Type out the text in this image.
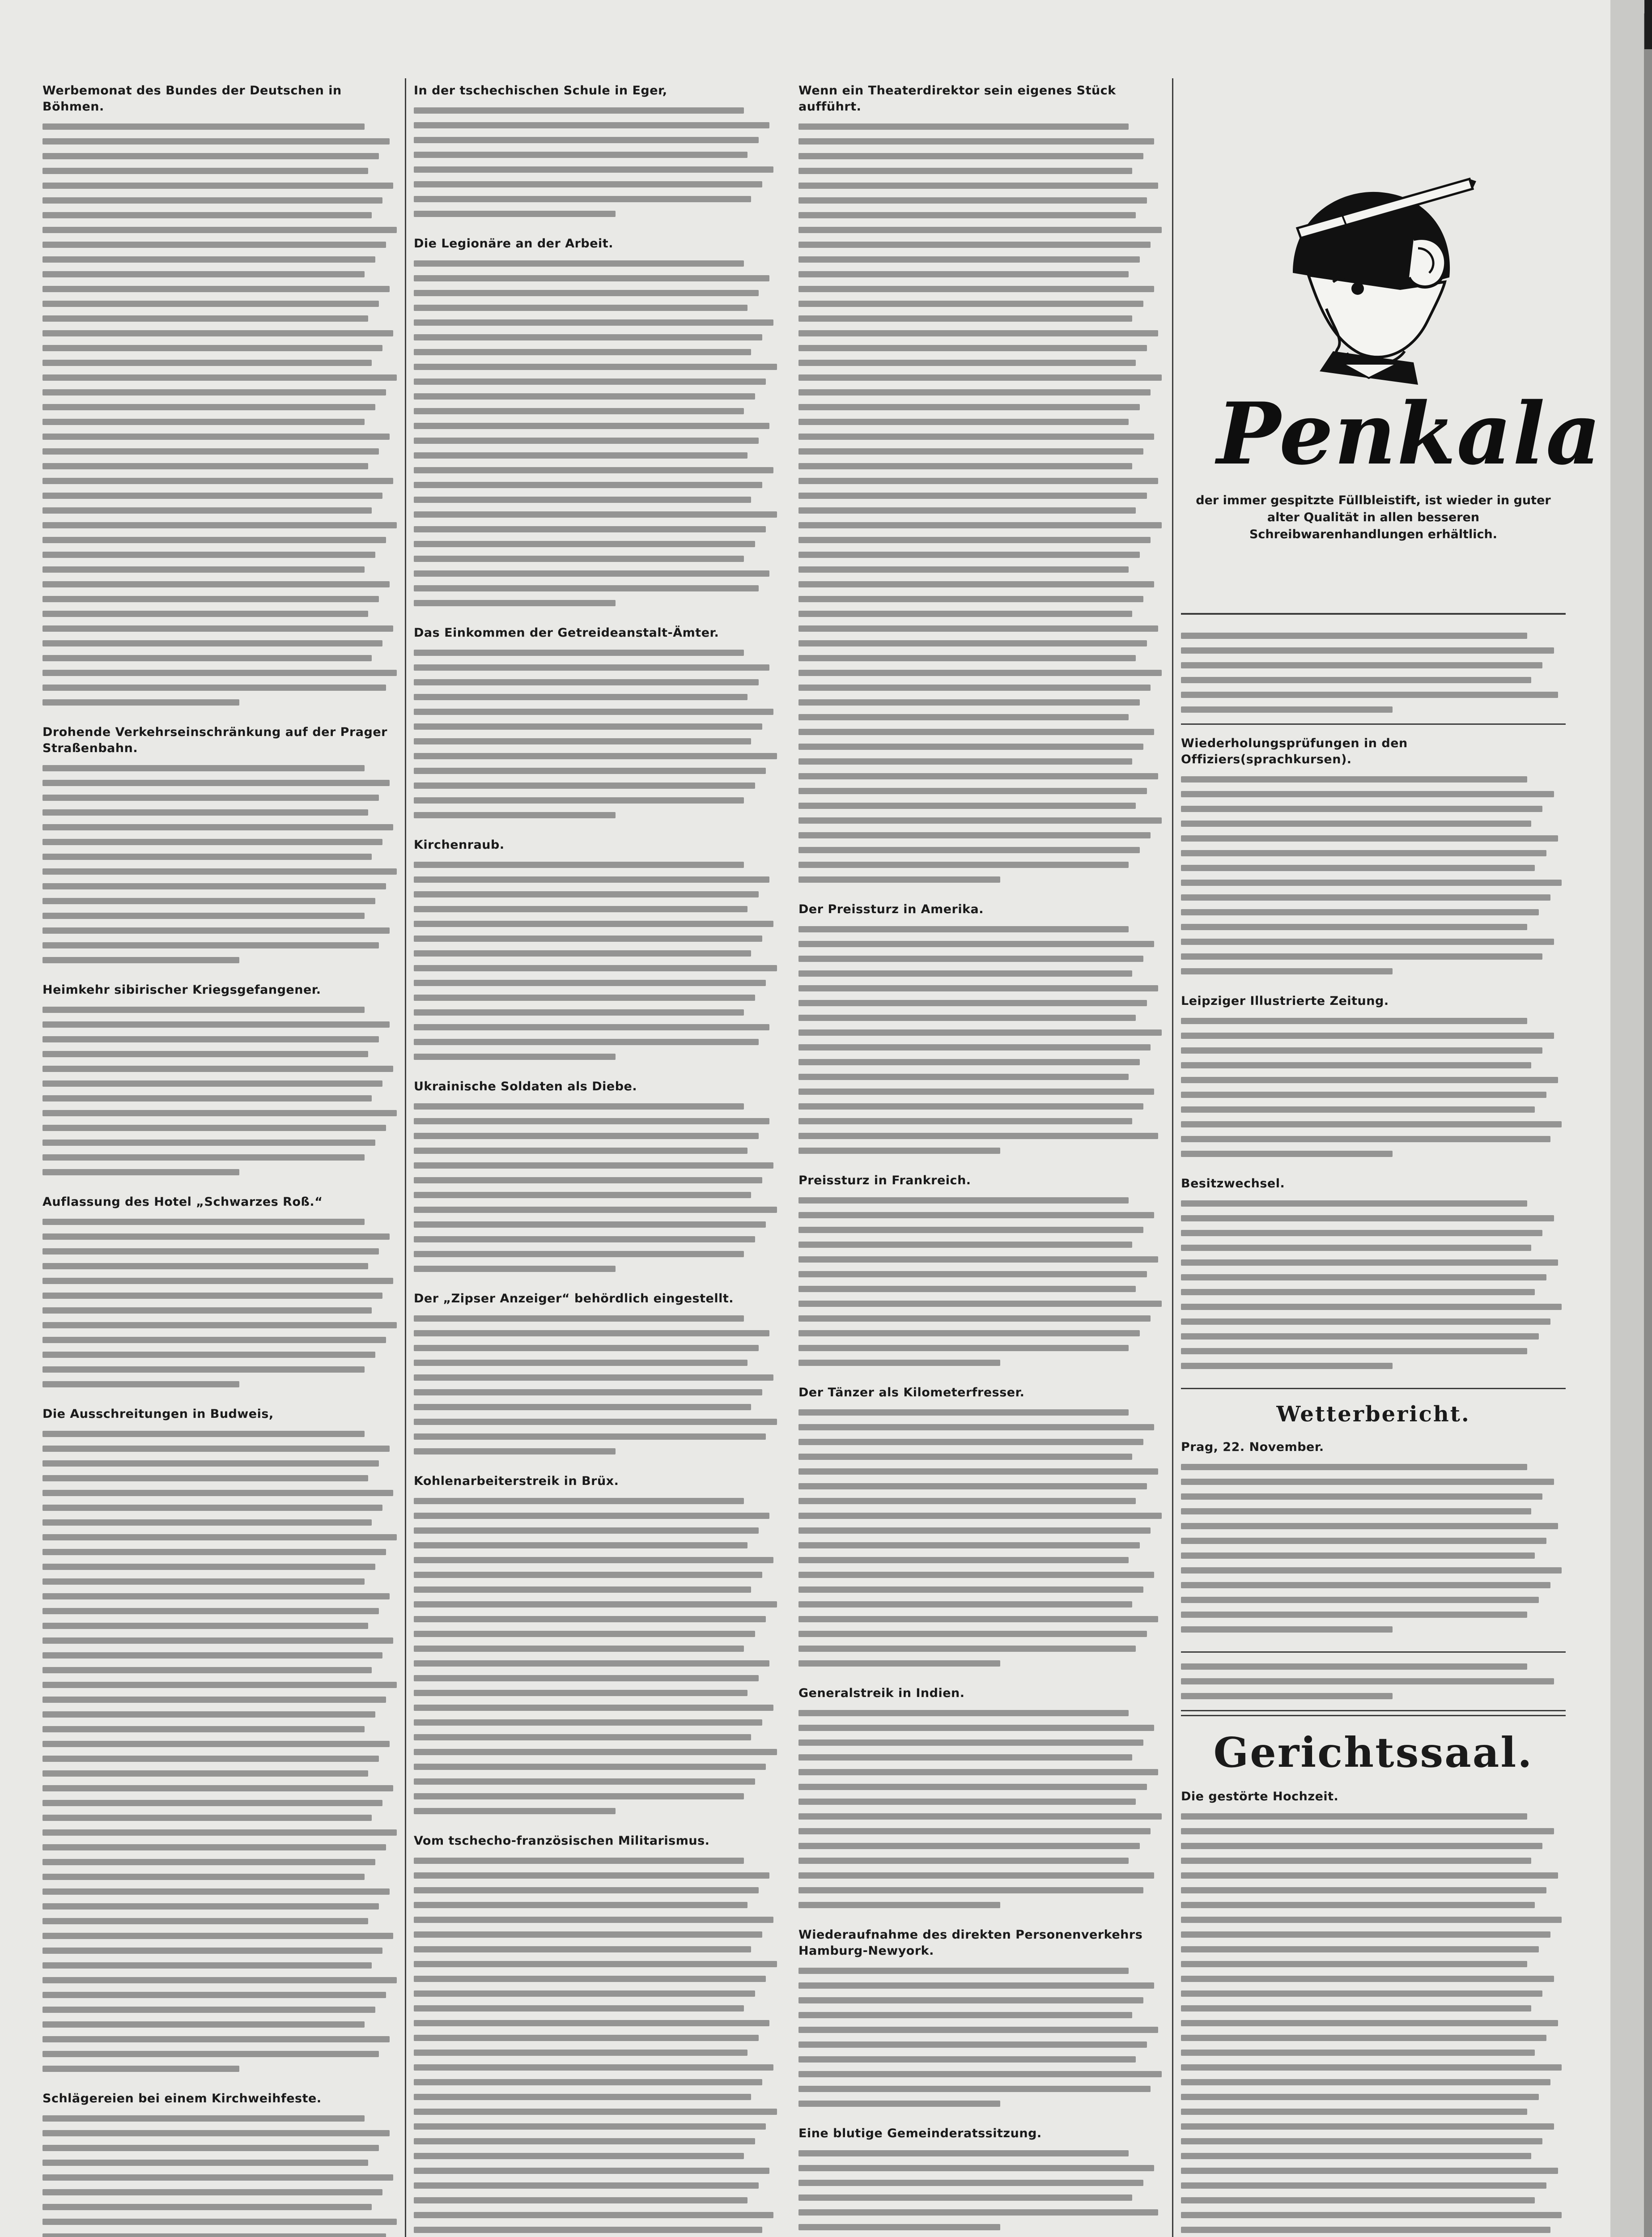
Werbemonat des Bundes der Deutschen in Böhmen.
Drohende Verkehrseinschränkung auf der Prager Straßenbahn.
Heimkehr sibirischer Kriegsgefangener.
Auflassung des Hotel „Schwarzes Roß.“
Die Ausschreitungen in Budweis,
Schlägereien bei einem Kirchweihfeste.
In der tschechischen Schule in Eger,
Die Legionäre an der Arbeit.
Das Einkommen der Getreideanstalt-Ämter.
Kirchenraub.
Ukrainische Soldaten als Diebe.
Der „Zipser Anzeiger“ behördlich eingestellt.
Kohlenarbeiterstreik in Brüx.
Vom tschecho-französischen Militarismus.
Wenn ein Theaterdirektor sein eigenes Stück aufführt.
Der Preissturz in Amerika.
Preissturz in Frankreich.
Der Tänzer als Kilometerfresser.
Generalstreik in Indien.
Wiederaufnahme des direkten Personenverkehrs Hamburg-Newyork.
Eine blutige Gemeinderatssitzung.
Penkala
der immer gespitzte Füllbleistift, ist wieder in guter alter Qualität in allen besseren Schreibwarenhandlungen erhältlich.
Wiederholungsprüfungen in den Offiziers(sprachkursen).
Leipziger Illustrierte Zeitung.
Besitzwechsel.
Wetterbericht.
Prag, 22. November.
Gerichtssaal.
Die gestörte Hochzeit.
